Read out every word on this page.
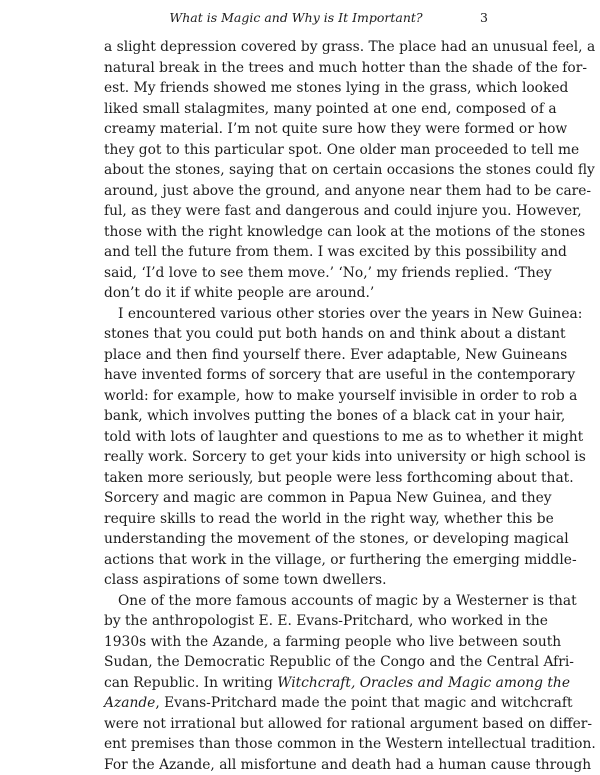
What is Magic and Why is It Important?	3
a slight depression covered by grass. The place had an unusual feel, a
natural break in the trees and much hotter than the shade of the for-
est. My friends showed me stones lying in the grass, which looked
liked small stalagmites, many pointed at one end, composed of a
creamy material. I’m not quite sure how they were formed or how
they got to this particular spot. One older man proceeded to tell me
about the stones, saying that on certain occasions the stones could fly
around, just above the ground, and anyone near them had to be care-
ful, as they were fast and dangerous and could injure you. However,
those with the right knowledge can look at the motions of the stones
and tell the future from them. I was excited by this possibility and
said, ‘I’d love to see them move.’ ‘No,’ my friends replied. ‘They
don’t do it if white people are around.’
I encountered various other stories over the years in New Guinea:
stones that you could put both hands on and think about a distant
place and then find yourself there. Ever adaptable, New Guineans
have invented forms of sorcery that are useful in the contemporary
world: for example, how to make yourself invisible in order to rob a
bank, which involves putting the bones of a black cat in your hair,
told with lots of laughter and questions to me as to whether it might
really work. Sorcery to get your kids into university or high school is
taken more seriously, but people were less forthcoming about that.
Sorcery and magic are common in Papua New Guinea, and they
require skills to read the world in the right way, whether this be
understanding the movement of the stones, or developing magical
actions that work in the village, or furthering the emerging middle-
class aspirations of some town dwellers.
One of the more famous accounts of magic by a Westerner is that
by the anthropologist E. E. Evans-Pritchard, who worked in the
1930s with the Azande, a farming people who live between south
Sudan, the Democratic Republic of the Congo and the Central Afri-
can Republic. In writing Witchcraft, Oracles and Magic among the
Azande, Evans-Pritchard made the point that magic and witchcraft
were not irrational but allowed for rational argument based on differ-
ent premises than those common in the Western intellectual tradition.
For the Azande, all misfortune and death had a human cause through
